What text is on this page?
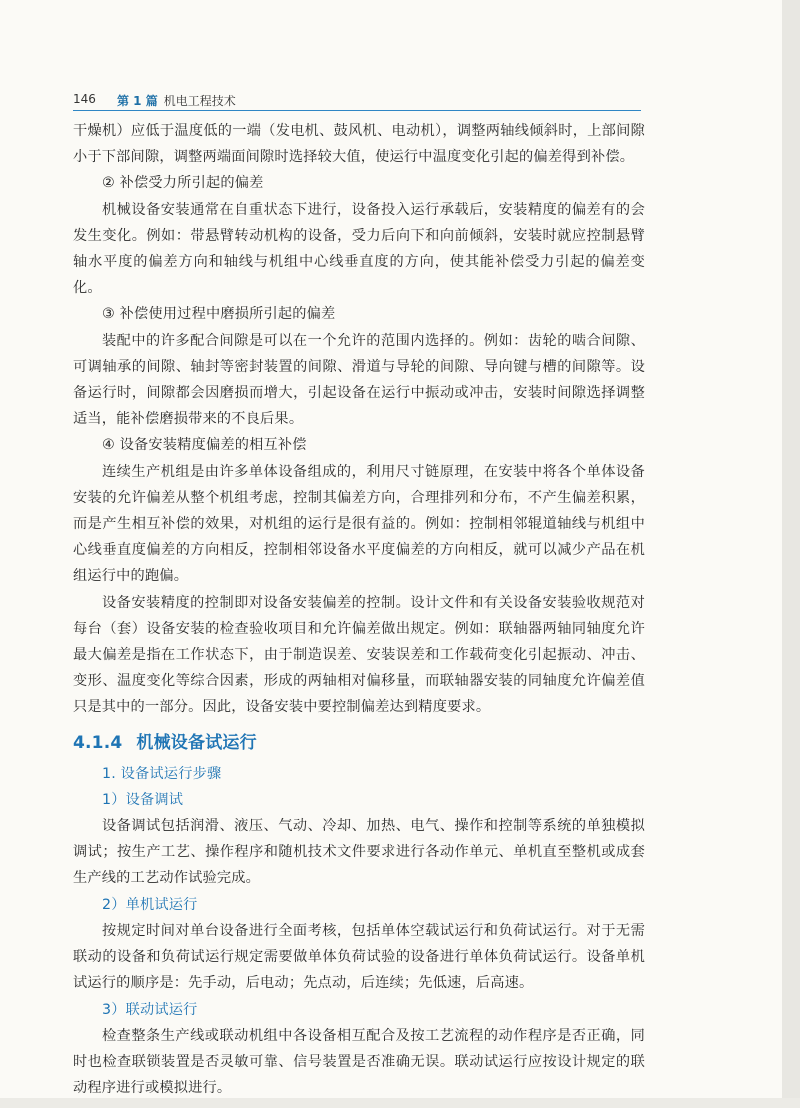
146 第 1 篇 机电工程技术

干燥机）应低于温度低的一端（发电机、鼓风机、电动机），调整两轴线倾斜时，上部间隙小于下部间隙，调整两端面间隙时选择较大值，使运行中温度变化引起的偏差得到补偿。

② 补偿受力所引起的偏差

机械设备安装通常在自重状态下进行，设备投入运行承载后，安装精度的偏差有的会发生变化。例如：带悬臂转动机构的设备，受力后向下和向前倾斜，安装时就应控制悬臂轴水平度的偏差方向和轴线与机组中心线垂直度的方向，使其能补偿受力引起的偏差变化。

③ 补偿使用过程中磨损所引起的偏差

装配中的许多配合间隙是可以在一个允许的范围内选择的。例如：齿轮的啮合间隙、可调轴承的间隙、轴封等密封装置的间隙、滑道与导轮的间隙、导向键与槽的间隙等。设备运行时，间隙都会因磨损而增大，引起设备在运行中振动或冲击，安装时间隙选择调整适当，能补偿磨损带来的不良后果。

④ 设备安装精度偏差的相互补偿

连续生产机组是由许多单体设备组成的，利用尺寸链原理，在安装中将各个单体设备安装的允许偏差从整个机组考虑，控制其偏差方向，合理排列和分布，不产生偏差积累，而是产生相互补偿的效果，对机组的运行是很有益的。例如：控制相邻辊道轴线与机组中心线垂直度偏差的方向相反，控制相邻设备水平度偏差的方向相反，就可以减少产品在机组运行中的跑偏。

设备安装精度的控制即对设备安装偏差的控制。设计文件和有关设备安装验收规范对每台（套）设备安装的检查验收项目和允许偏差做出规定。例如：联轴器两轴同轴度允许最大偏差是指在工作状态下，由于制造误差、安装误差和工作载荷变化引起振动、冲击、变形、温度变化等综合因素，形成的两轴相对偏移量，而联轴器安装的同轴度允许偏差值只是其中的一部分。因此，设备安装中要控制偏差达到精度要求。

4.1.4 机械设备试运行

1. 设备试运行步骤

1）设备调试

设备调试包括润滑、液压、气动、冷却、加热、电气、操作和控制等系统的单独模拟调试；按生产工艺、操作程序和随机技术文件要求进行各动作单元、单机直至整机或成套生产线的工艺动作试验完成。

2）单机试运行

按规定时间对单台设备进行全面考核，包括单体空载试运行和负荷试运行。对于无需联动的设备和负荷试运行规定需要做单体负荷试验的设备进行单体负荷试运行。设备单机试运行的顺序是：先手动，后电动；先点动，后连续；先低速，后高速。

3）联动试运行

检查整条生产线或联动机组中各设备相互配合及按工艺流程的动作程序是否正确，同时也检查联锁装置是否灵敏可靠、信号装置是否准确无误。联动试运行应按设计规定的联动程序进行或模拟进行。
